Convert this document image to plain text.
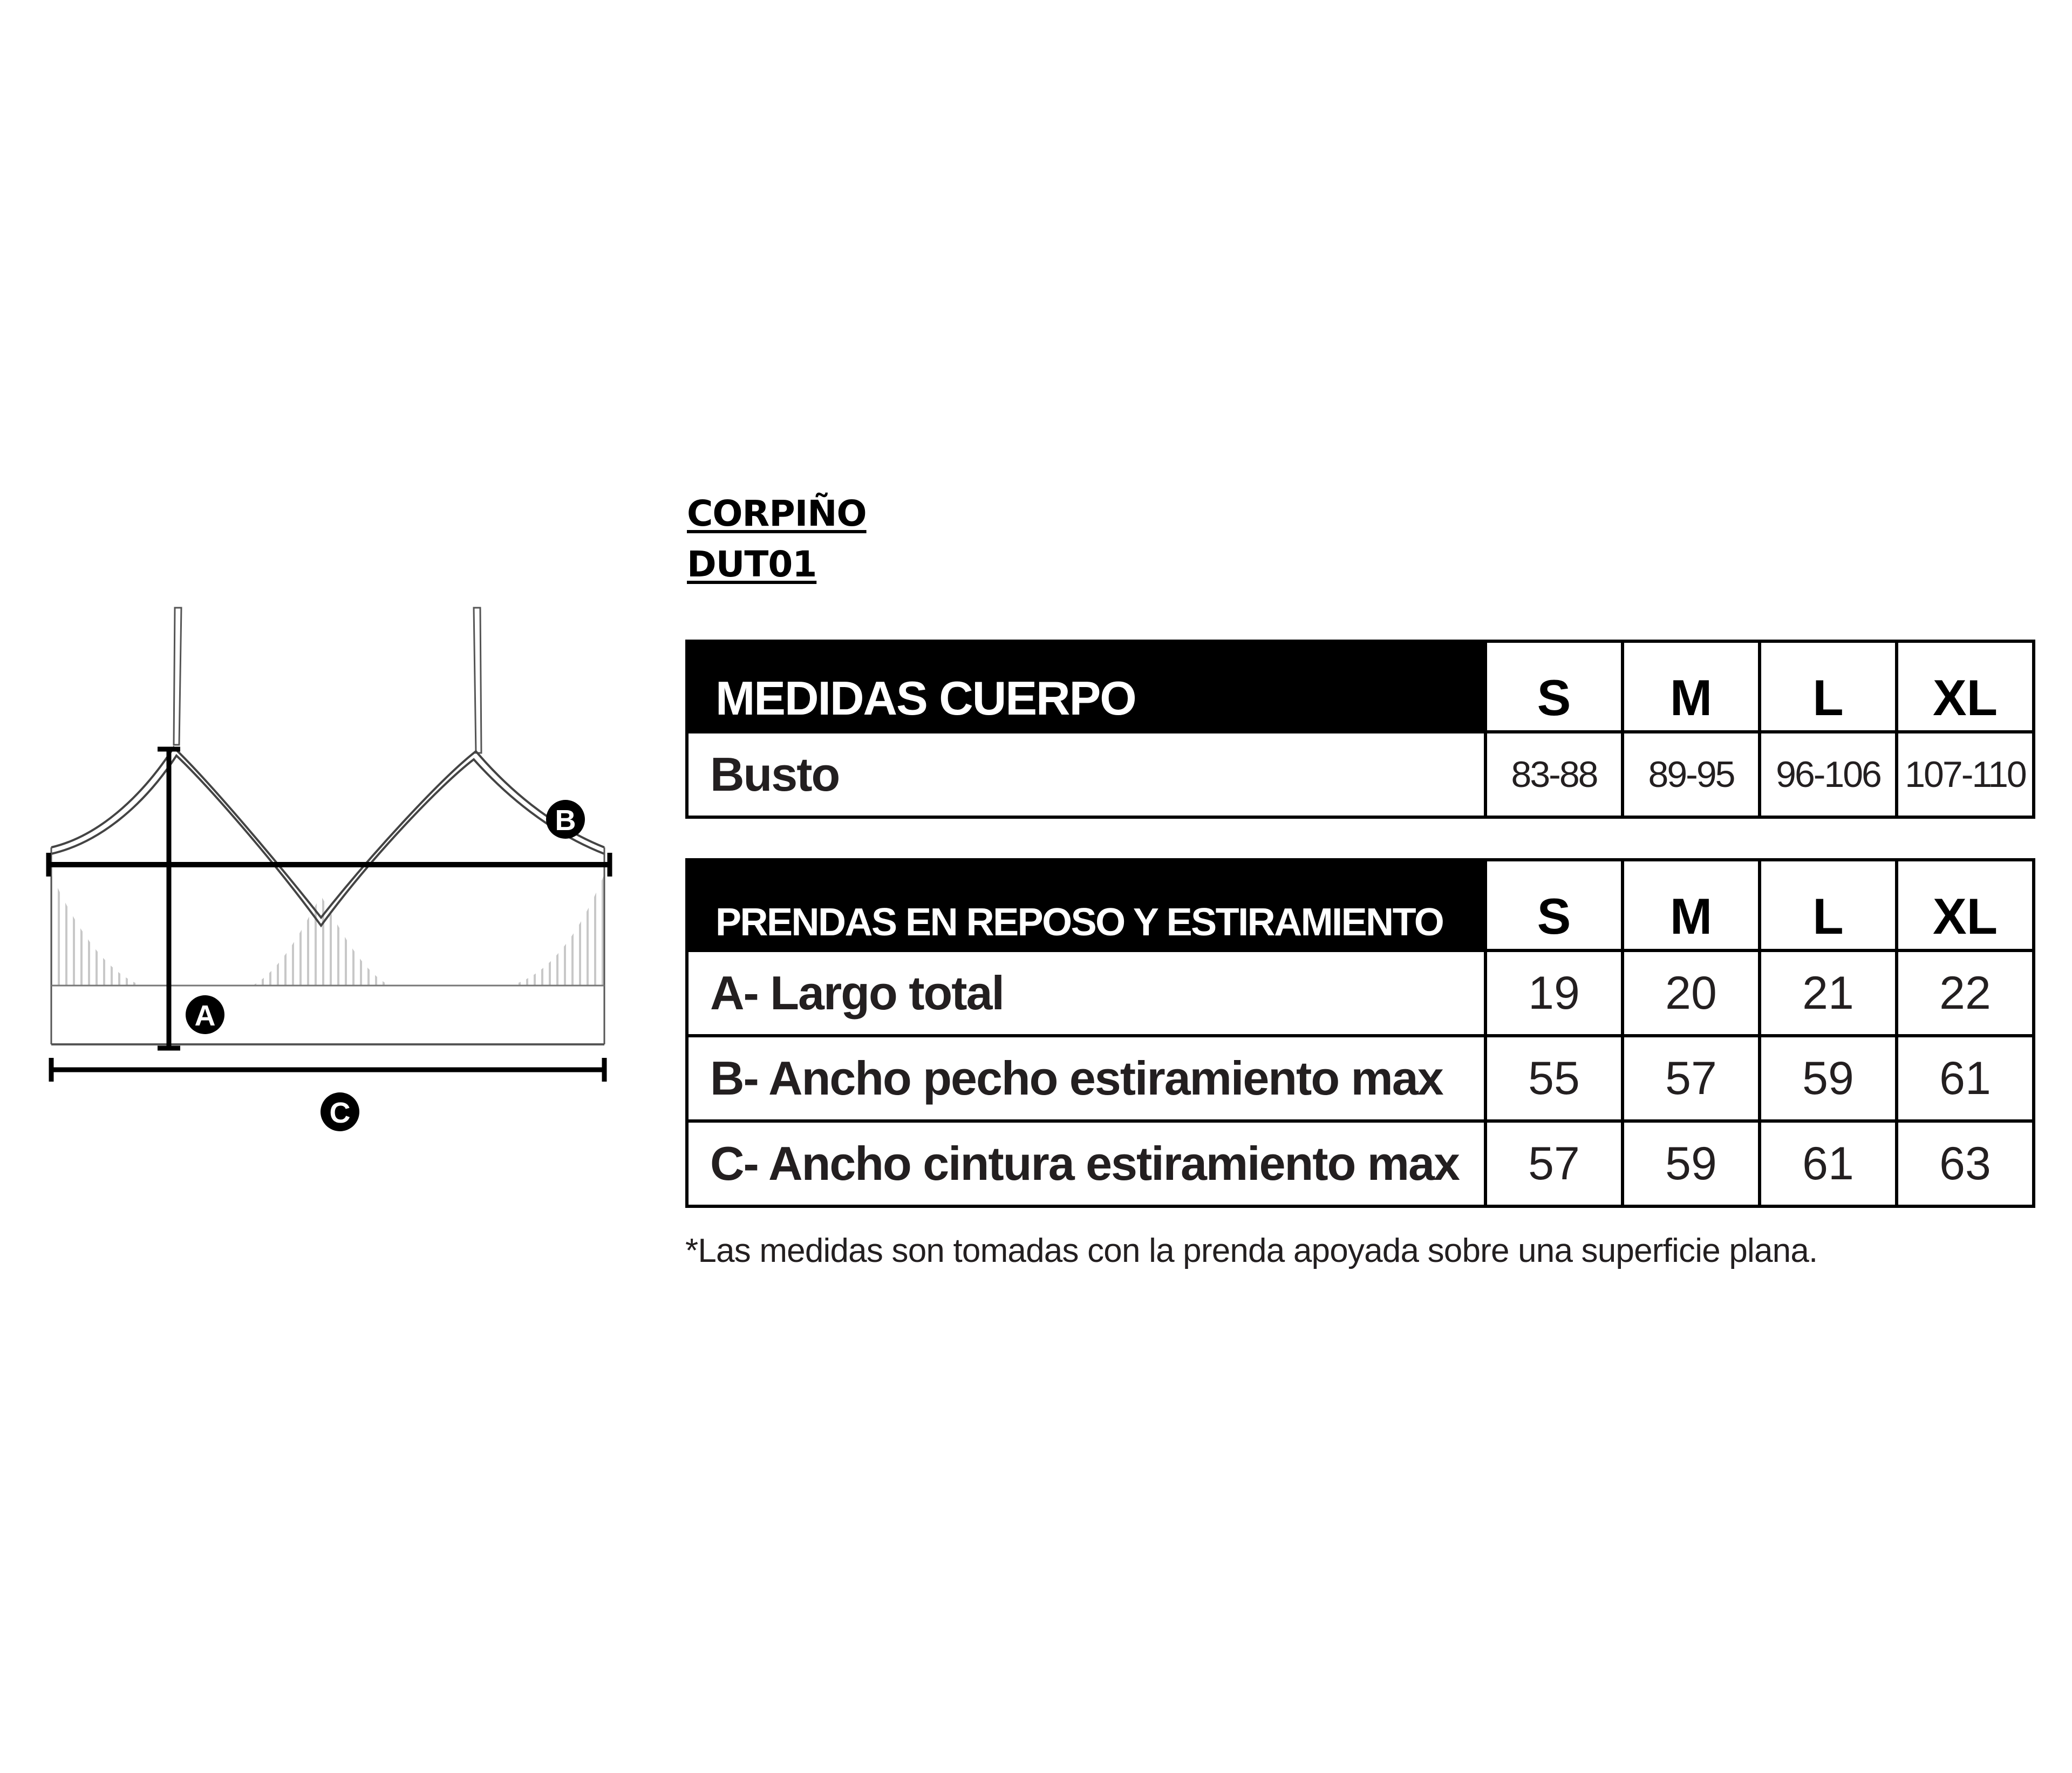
CORPIÑO
DUT01
A
B
C
MEDIDAS CUERPO	S	M	L	XL
Busto	83-88	89-95	96-106	107-110
PRENDAS EN REPOSO Y ESTIRAMIENTO	S	M	L	XL
A- Largo total	19	20	21	22
B- Ancho pecho estiramiento max	55	57	59	61
C- Ancho cintura estiramiento max	57	59	61	63
*Las medidas son tomadas con la prenda apoyada sobre una superficie plana.
